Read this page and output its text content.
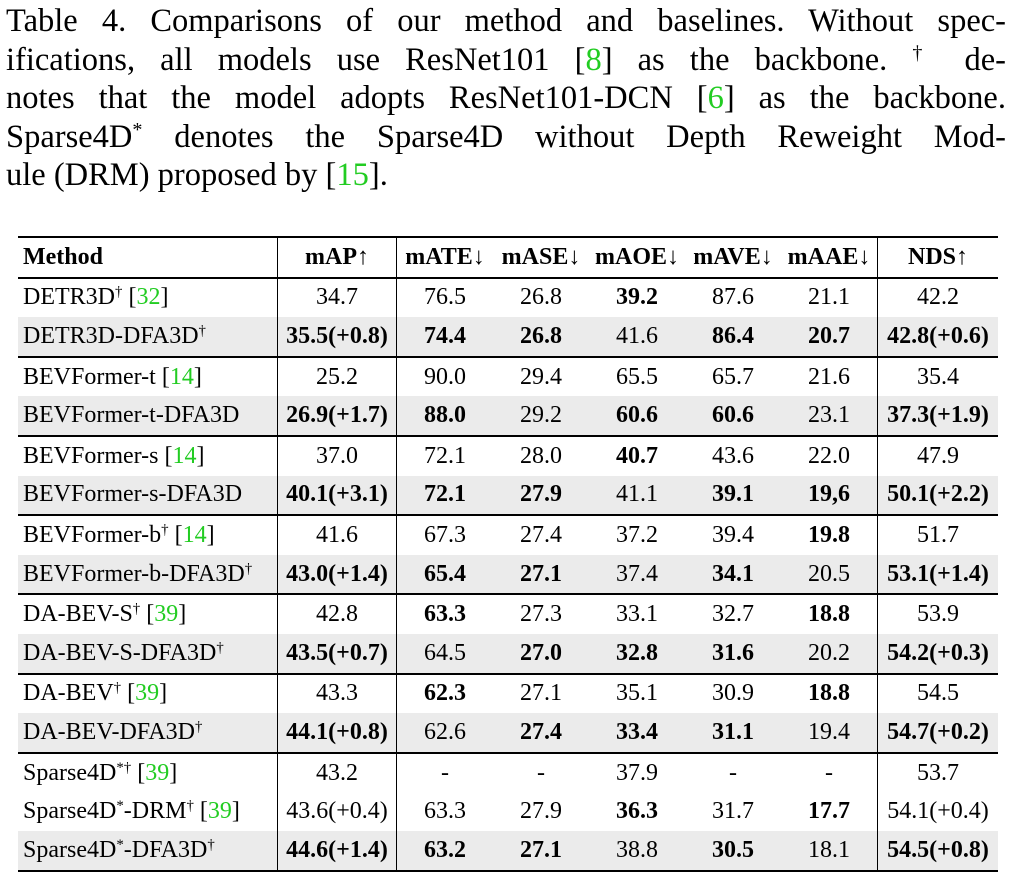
Table 4. Comparisons of our method and baselines. Without spec-
ifications, all models use ResNet101 [8] as the backbone. † de-
notes that the model adopts ResNet101-DCN [6] as the backbone.
Sparse4D* denotes the Sparse4D without Depth Reweight Mod-
ule (DRM) proposed by [15].
Method	mAP↑	mATE↓	mASE↓	mAOE↓	mAVE↓	mAAE↓	NDS↑
DETR3D† [32]	34.7	76.5	26.8	39.2	87.6	21.1	42.2
DETR3D-DFA3D†	35.5(+0.8)	74.4	26.8	41.6	86.4	20.7	42.8(+0.6)
BEVFormer-t [14]	25.2	90.0	29.4	65.5	65.7	21.6	35.4
BEVFormer-t-DFA3D	26.9(+1.7)	88.0	29.2	60.6	60.6	23.1	37.3(+1.9)
BEVFormer-s [14]	37.0	72.1	28.0	40.7	43.6	22.0	47.9
BEVFormer-s-DFA3D	40.1(+3.1)	72.1	27.9	41.1	39.1	19,6	50.1(+2.2)
BEVFormer-b† [14]	41.6	67.3	27.4	37.2	39.4	19.8	51.7
BEVFormer-b-DFA3D†	43.0(+1.4)	65.4	27.1	37.4	34.1	20.5	53.1(+1.4)
DA-BEV-S† [39]	42.8	63.3	27.3	33.1	32.7	18.8	53.9
DA-BEV-S-DFA3D†	43.5(+0.7)	64.5	27.0	32.8	31.6	20.2	54.2(+0.3)
DA-BEV† [39]	43.3	62.3	27.1	35.1	30.9	18.8	54.5
DA-BEV-DFA3D†	44.1(+0.8)	62.6	27.4	33.4	31.1	19.4	54.7(+0.2)
Sparse4D*† [39]	43.2	-	-	37.9	-	-	53.7
Sparse4D*-DRM† [39]	43.6(+0.4)	63.3	27.9	36.3	31.7	17.7	54.1(+0.4)
Sparse4D*-DFA3D†	44.6(+1.4)	63.2	27.1	38.8	30.5	18.1	54.5(+0.8)
